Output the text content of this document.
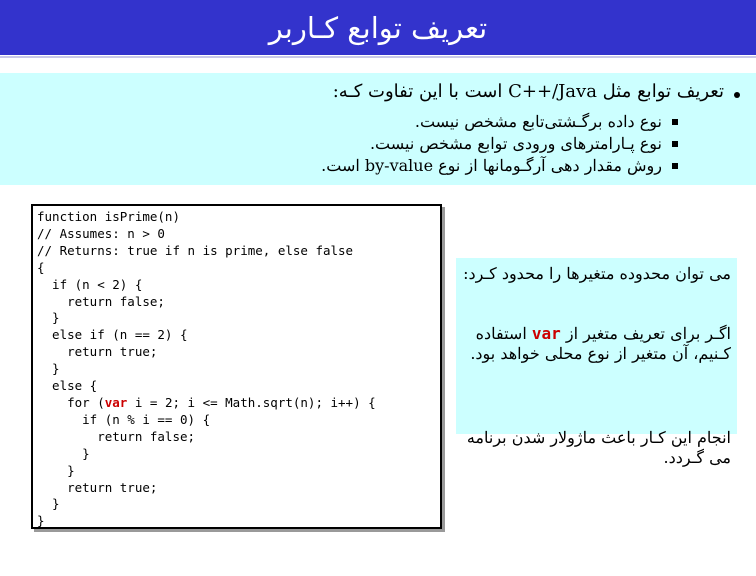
تعریف توابع کـاربر
تعریف توابع مثل C++/Java است با این تفاوت کـه:
نوع داده برگـشتی‌تابع مشخص نیست.
نوع پـارامترهای ورودی توابع مشخص نیست.
روش مقدار دهی آرگـومانها از نوع by-value است.
function isPrime(n)
// Assumes: n > 0
// Returns: true if n is prime, else false
{
if (n < 2) {
return false;
}
else if (n == 2) {
return true;
}
else {
for (var i = 2; i <= Math.sqrt(n); i++) {
if (n % i == 0) {
return false;
}
}
return true;
}
}
می توان محدوده متغیرها را محدود کـرد:
اگـر برای تعریف متغیر از var استفاده کـنیم، آن متغیر از نوع محلی خواهد بود.
انجام این کـار باعث ماژولار شدن برنامه می گـردد.
